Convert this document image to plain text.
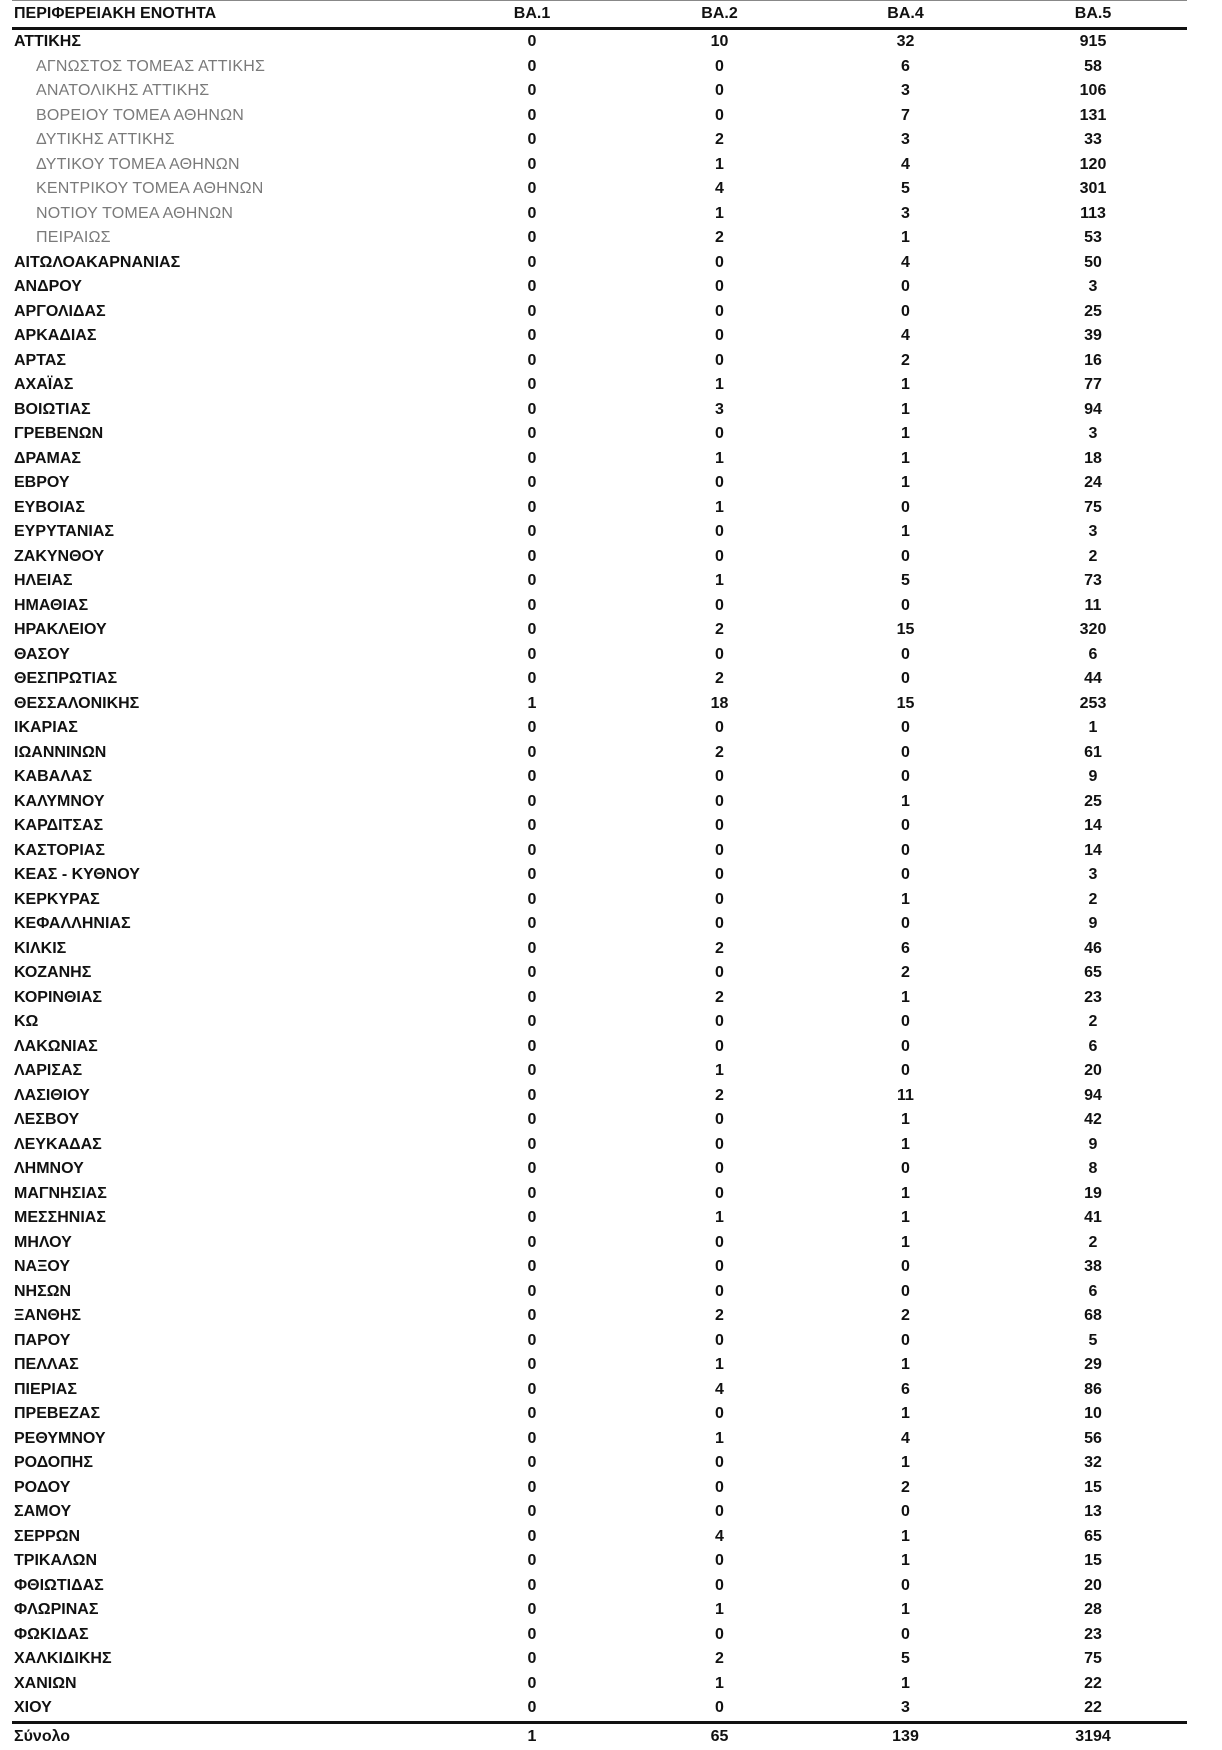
ΠΕΡΙΦΕΡΕΙΑΚΗ ΕΝΟΤΗΤΑ	ΒΑ.1	ΒΑ.2	ΒΑ.4	ΒΑ.5
ΑΤΤΙΚΗΣ	0	10	32	915
ΑΓΝΩΣΤΟΣ ΤΟΜΕΑΣ ΑΤΤΙΚΗΣ	0	0	6	58
ΑΝΑΤΟΛΙΚΗΣ ΑΤΤΙΚΗΣ	0	0	3	106
ΒΟΡΕΙΟΥ ΤΟΜΕΑ ΑΘΗΝΩΝ	0	0	7	131
ΔΥΤΙΚΗΣ ΑΤΤΙΚΗΣ	0	2	3	33
ΔΥΤΙΚΟΥ ΤΟΜΕΑ ΑΘΗΝΩΝ	0	1	4	120
ΚΕΝΤΡΙΚΟΥ ΤΟΜΕΑ ΑΘΗΝΩΝ	0	4	5	301
ΝΟΤΙΟΥ ΤΟΜΕΑ ΑΘΗΝΩΝ	0	1	3	113
ΠΕΙΡΑΙΩΣ	0	2	1	53
ΑΙΤΩΛΟΑΚΑΡΝΑΝΙΑΣ	0	0	4	50
ΑΝΔΡΟΥ	0	0	0	3
ΑΡΓΟΛΙΔΑΣ	0	0	0	25
ΑΡΚΑΔΙΑΣ	0	0	4	39
ΑΡΤΑΣ	0	0	2	16
ΑΧΑΪΑΣ	0	1	1	77
ΒΟΙΩΤΙΑΣ	0	3	1	94
ΓΡΕΒΕΝΩΝ	0	0	1	3
ΔΡΑΜΑΣ	0	1	1	18
ΕΒΡΟΥ	0	0	1	24
ΕΥΒΟΙΑΣ	0	1	0	75
ΕΥΡΥΤΑΝΙΑΣ	0	0	1	3
ΖΑΚΥΝΘΟΥ	0	0	0	2
ΗΛΕΙΑΣ	0	1	5	73
ΗΜΑΘΙΑΣ	0	0	0	11
ΗΡΑΚΛΕΙΟΥ	0	2	15	320
ΘΑΣΟΥ	0	0	0	6
ΘΕΣΠΡΩΤΙΑΣ	0	2	0	44
ΘΕΣΣΑΛΟΝΙΚΗΣ	1	18	15	253
ΙΚΑΡΙΑΣ	0	0	0	1
ΙΩΑΝΝΙΝΩΝ	0	2	0	61
ΚΑΒΑΛΑΣ	0	0	0	9
ΚΑΛΥΜΝΟΥ	0	0	1	25
ΚΑΡΔΙΤΣΑΣ	0	0	0	14
ΚΑΣΤΟΡΙΑΣ	0	0	0	14
ΚΕΑΣ - ΚΥΘΝΟΥ	0	0	0	3
ΚΕΡΚΥΡΑΣ	0	0	1	2
ΚΕΦΑΛΛΗΝΙΑΣ	0	0	0	9
ΚΙΛΚΙΣ	0	2	6	46
ΚΟΖΑΝΗΣ	0	0	2	65
ΚΟΡΙΝΘΙΑΣ	0	2	1	23
ΚΩ	0	0	0	2
ΛΑΚΩΝΙΑΣ	0	0	0	6
ΛΑΡΙΣΑΣ	0	1	0	20
ΛΑΣΙΘΙΟΥ	0	2	11	94
ΛΕΣΒΟΥ	0	0	1	42
ΛΕΥΚΑΔΑΣ	0	0	1	9
ΛΗΜΝΟΥ	0	0	0	8
ΜΑΓΝΗΣΙΑΣ	0	0	1	19
ΜΕΣΣΗΝΙΑΣ	0	1	1	41
ΜΗΛΟΥ	0	0	1	2
ΝΑΞΟΥ	0	0	0	38
ΝΗΣΩΝ	0	0	0	6
ΞΑΝΘΗΣ	0	2	2	68
ΠΑΡΟΥ	0	0	0	5
ΠΕΛΛΑΣ	0	1	1	29
ΠΙΕΡΙΑΣ	0	4	6	86
ΠΡΕΒΕΖΑΣ	0	0	1	10
ΡΕΘΥΜΝΟΥ	0	1	4	56
ΡΟΔΟΠΗΣ	0	0	1	32
ΡΟΔΟΥ	0	0	2	15
ΣΑΜΟΥ	0	0	0	13
ΣΕΡΡΩΝ	0	4	1	65
ΤΡΙΚΑΛΩΝ	0	0	1	15
ΦΘΙΩΤΙΔΑΣ	0	0	0	20
ΦΛΩΡΙΝΑΣ	0	1	1	28
ΦΩΚΙΔΑΣ	0	0	0	23
ΧΑΛΚΙΔΙΚΗΣ	0	2	5	75
ΧΑΝΙΩΝ	0	1	1	22
ΧΙΟΥ	0	0	3	22
Σύνολο	1	65	139	3194
